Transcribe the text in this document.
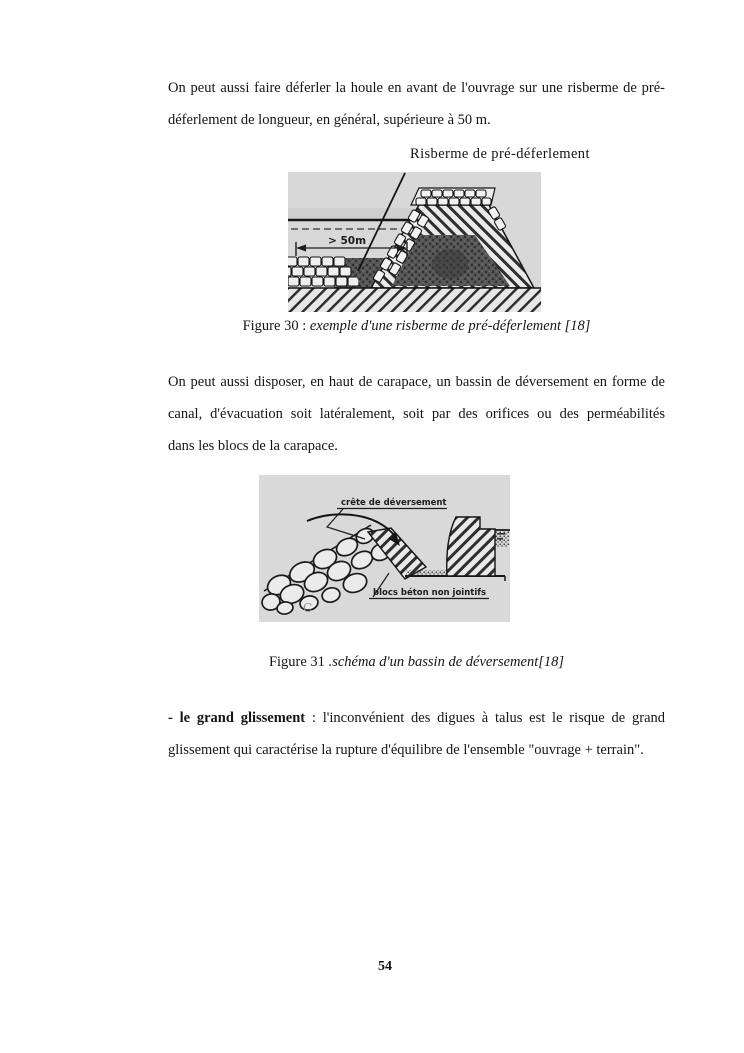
On peut aussi faire déferler la houle en avant de l'ouvrage sur une risberme de pré-
déferlement de longueur, en général, supérieure à 50 m.
Risberme de pré-déferlement
> 50m
Figure 30 : exemple d'une risberme de pré-déferlement [18]
On peut aussi disposer, en haut de carapace, un bassin de déversement en forme de
canal, d'évacuation soit latéralement, soit par des orifices ou des perméabilités
dans les blocs de la carapace.
crête de déversement
blocs béton non jointifs
C
Figure 31 .schéma d'un bassin de déversement[18]
- le grand glissement : l'inconvénient des digues à talus est le risque de grand
glissement qui caractérise la rupture d'équilibre de l'ensemble "ouvrage + terrain".
54
